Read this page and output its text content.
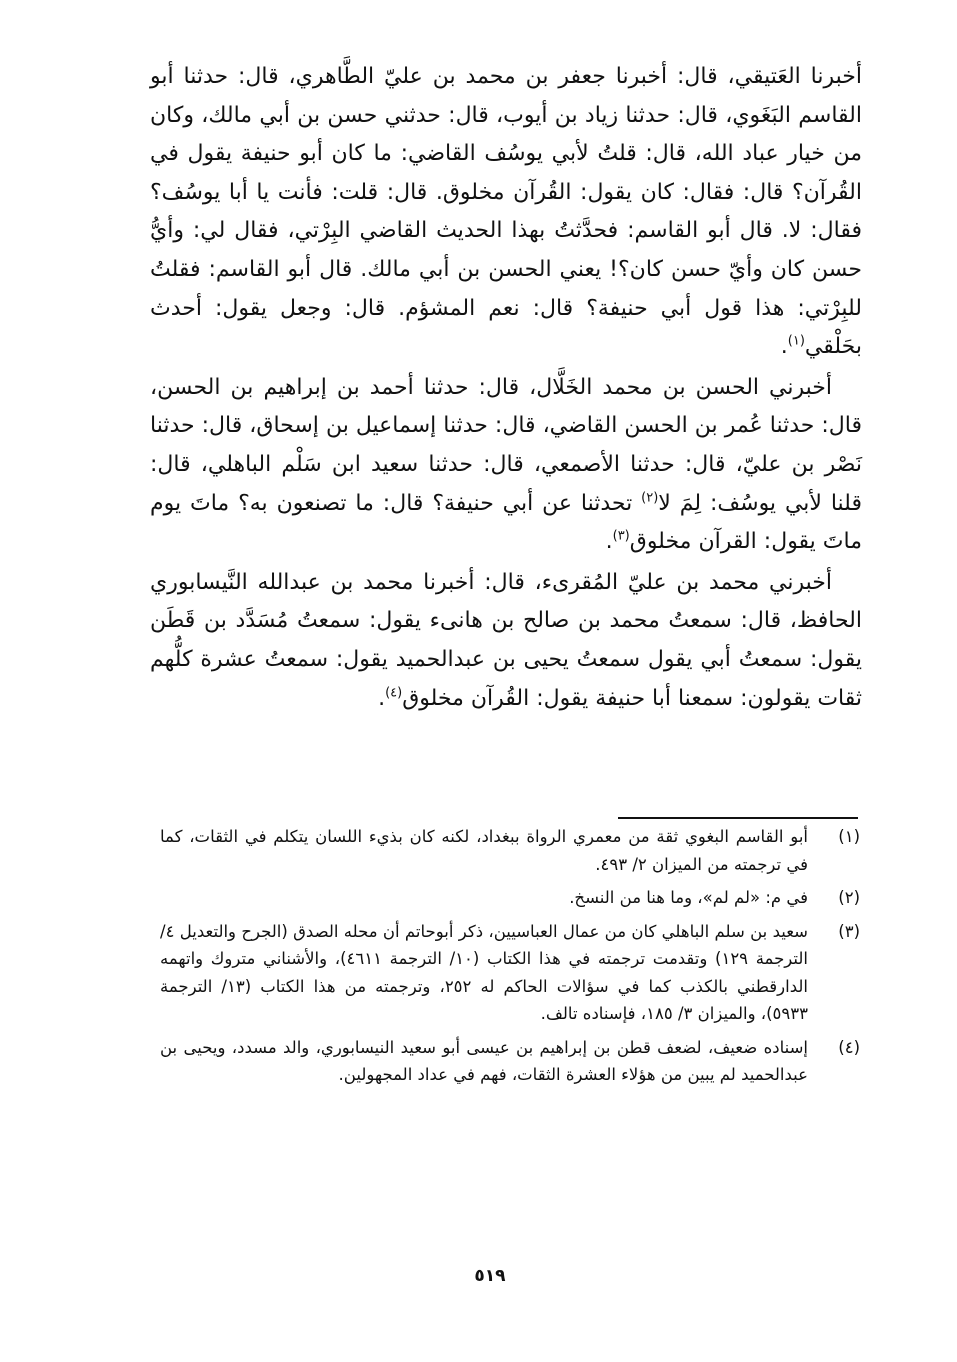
أخبرنا العَتيقي، قال: أخبرنا جعفر بن محمد بن عليّ الطَّاهري، قال: حدثنا أبو القاسم البَغَوي، قال: حدثنا زياد بن أيوب، قال: حدثني حسن بن أبي مالك، وكان من خيار عباد الله، قال: قلتُ لأبي يوسُف القاضي: ما كان أبو حنيفة يقول في القُرآن؟ قال: فقال: كان يقول: القُرآن مخلوق. قال: قلت: فأنت يا أبا يوسُف؟ فقال: لا. قال أبو القاسم: فحدَّثتُ بهذا الحديث القاضي البِرْتي، فقال لي: وأيُّ حسن كان وأيّ حسن كان؟! يعني الحسن بن أبي مالك. قال أبو القاسم: فقلتُ للبِرْتي: هذا قول أبي حنيفة؟ قال: نعم المشؤم. قال: وجعل يقول: أحدث بحَلْقي$^{(١)}$.

أخبرني الحسن بن محمد الخَلَّال، قال: حدثنا أحمد بن إبراهيم بن الحسن، قال: حدثنا عُمر بن الحسن القاضي، قال: حدثنا إسماعيل بن إسحاق، قال: حدثنا نَصْر بن عليّ، قال: حدثنا الأصمعي، قال: حدثنا سعيد ابن سَلْم الباهلي، قال: قلنا لأبي يوسُف: لِمَ لا$^{(٢)}$ تحدثنا عن أبي حنيفة؟ قال: ما تصنعون به؟ ماتَ يوم ماتَ يقول: القرآن مخلوق$^{(٣)}$.

أخبرني محمد بن عليّ المُقرىء، قال: أخبرنا محمد بن عبدالله النَّيسابوري الحافظ، قال: سمعتُ محمد بن صالح بن هانىء يقول: سمعتُ مُسَدَّد بن قَطَن يقول: سمعتُ أبي يقول سمعتُ يحيى بن عبدالحميد يقول: سمعتُ عشرة كلُّهم ثقات يقولون: سمعنا أبا حنيفة يقول: القُرآن مخلوق$^{(٤)}$.

(١)
أبو القاسم البغوي ثقة من معمري الرواة ببغداد، لكنه كان بذيء اللسان يتكلم في الثقات، كما في ترجمته من الميزان ٢/ ٤٩٣.
(٢)
في م: «لم لم»، وما هنا من النسخ.
(٣)
سعيد بن سلم الباهلي كان من عمال العباسيين، ذكر أبوحاتم أن محله الصدق (الجرح والتعديل ٤/ الترجمة ١٢٩) وتقدمت ترجمته في هذا الكتاب (١٠/ الترجمة ٤٦١١)، والأشناني متروك واتهمه الدارقطني بالكذب كما في سؤالات الحاكم له ٢٥٢، وترجمته من هذا الكتاب (١٣/ الترجمة ٥٩٣٣)، والميزان ٣/ ١٨٥، فإسناده تالف.
(٤)
إسناده ضعيف، لضعف قطن بن إبراهيم بن عيسى أبو سعيد النيسابوري، والد مسدد، ويحيى بن عبدالحميد لم يبين من هؤلاء العشرة الثقات، فهم في عداد المجهولين.
٥١٩
